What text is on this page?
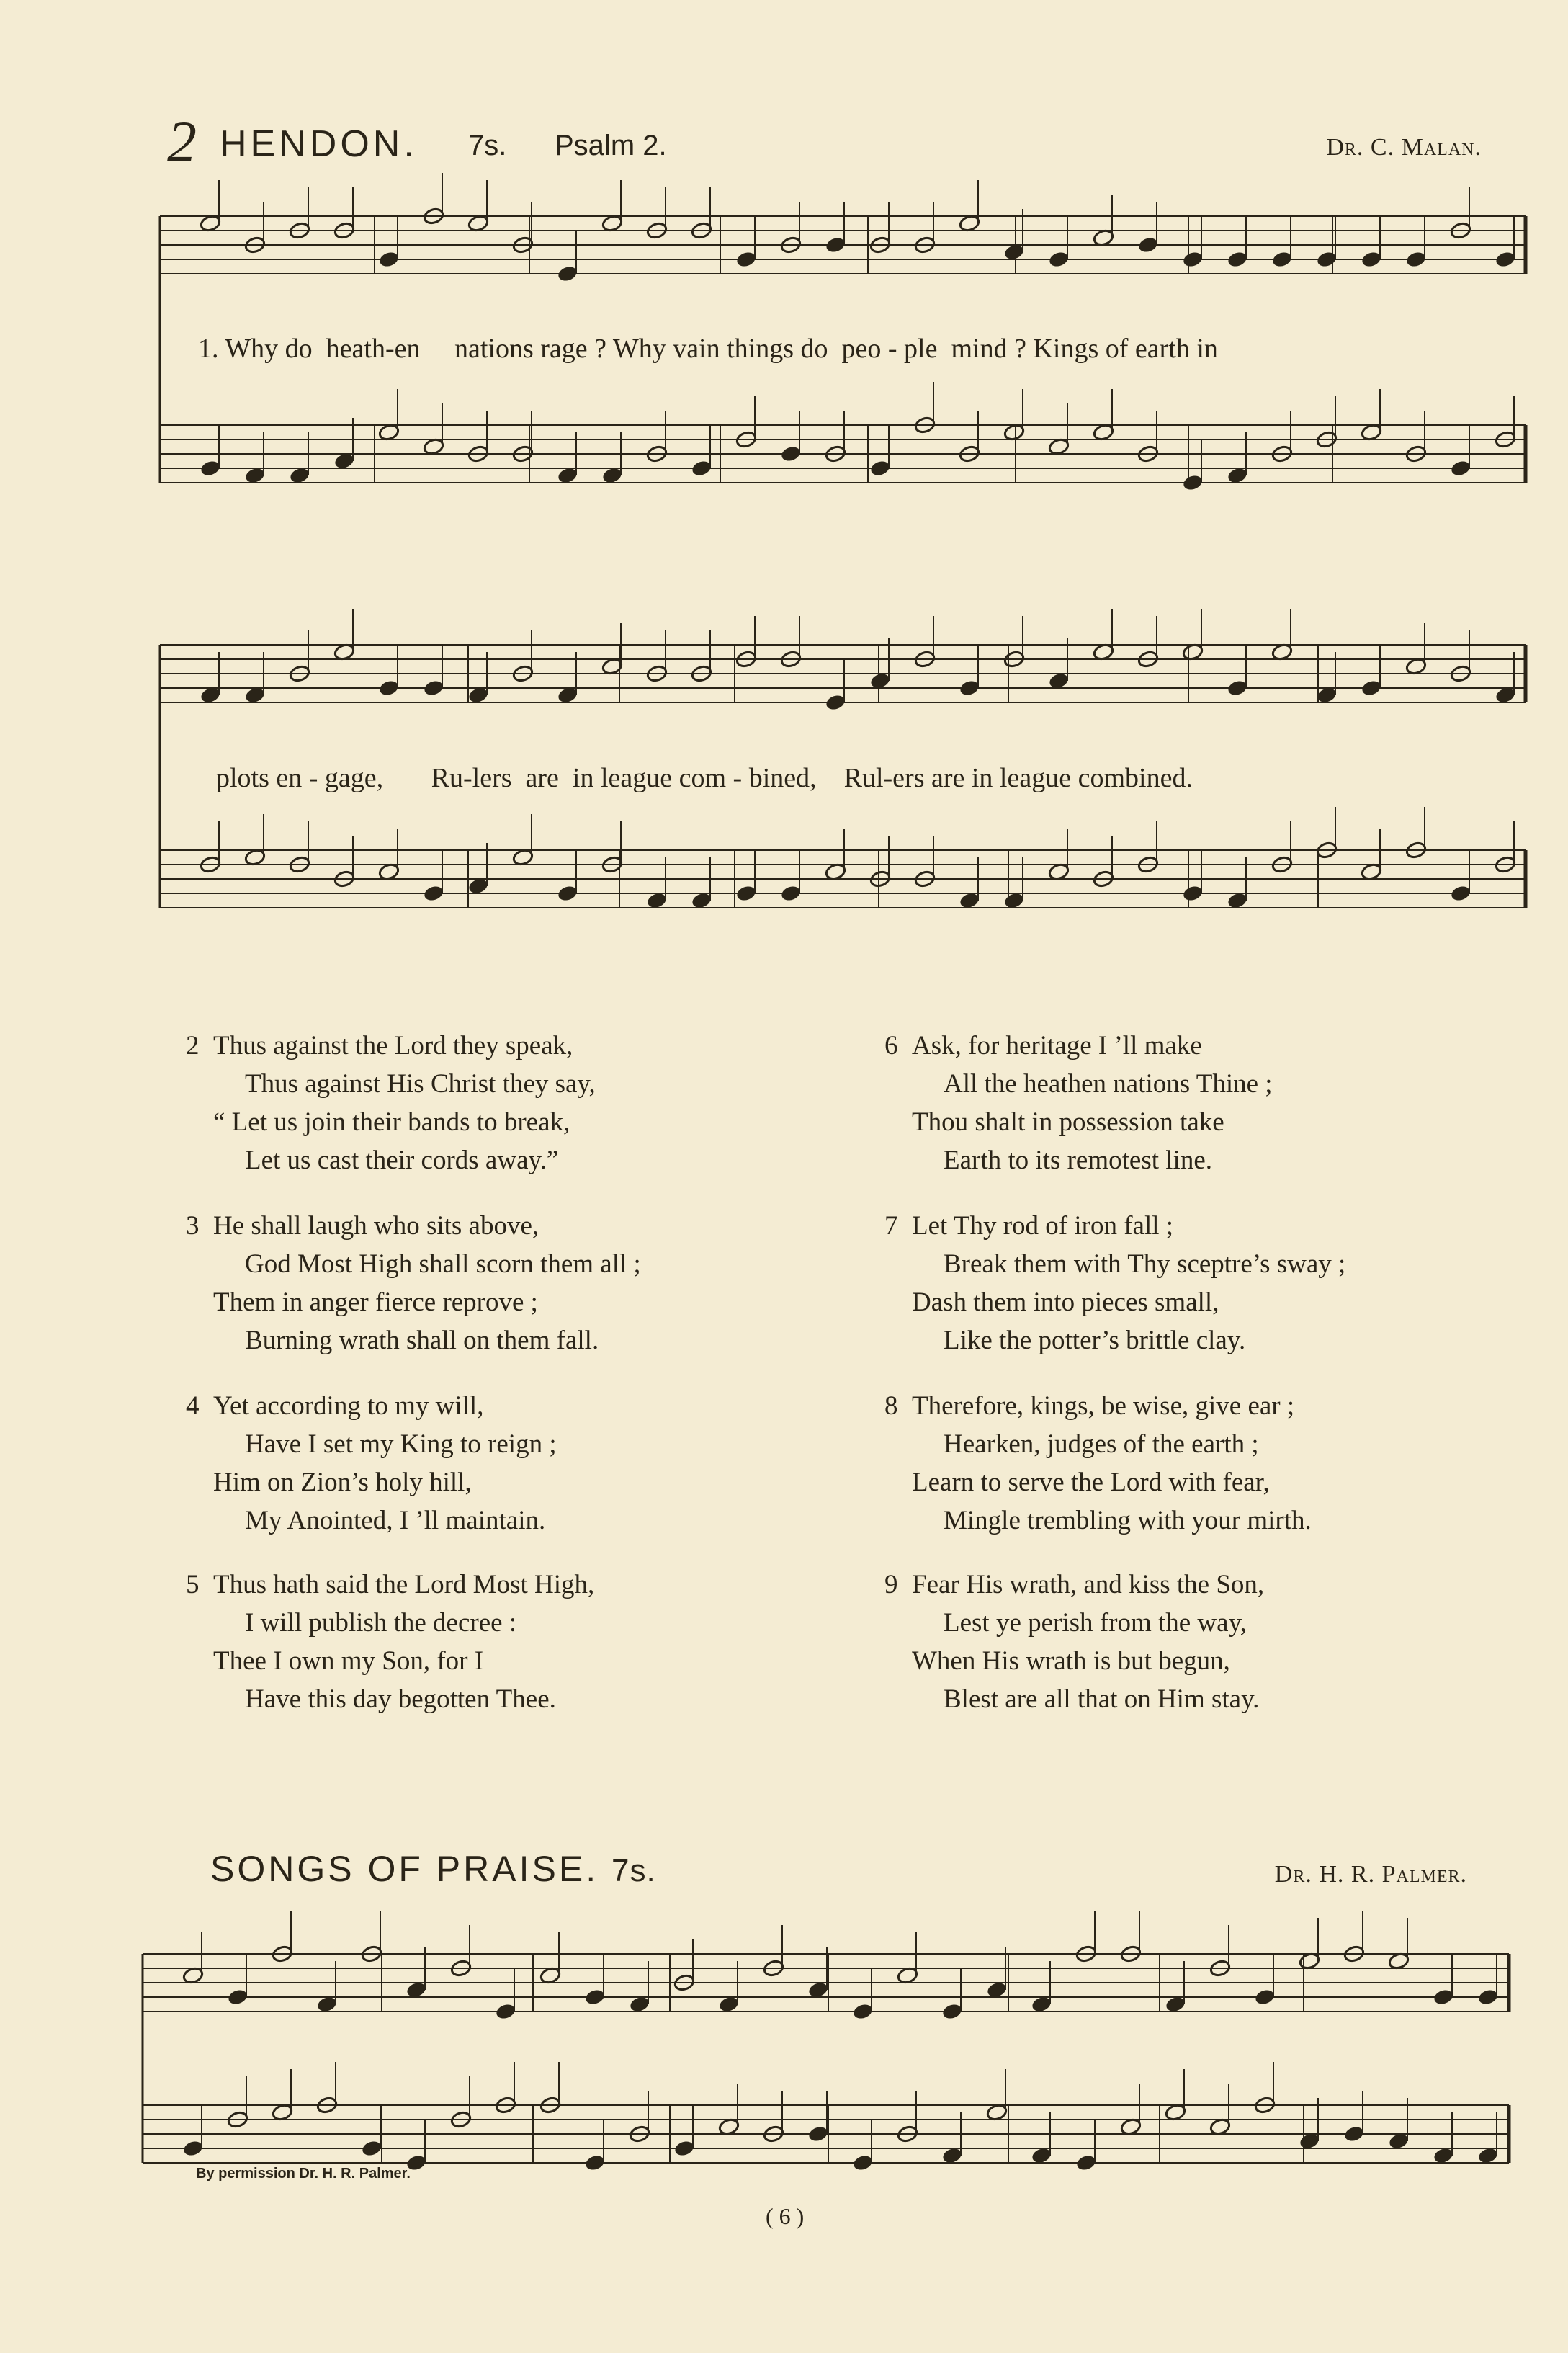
2 HENDON. 7s. Psalm 2.	Dr. C. Malan.
1. Why do  heath-en     nations rage ? Why vain things do  peo - ple  mind ? Kings of earth in
plots en - gage,       Ru-lers  are  in league com - bined,    Rul-ers are in league combined.
2 Thus against the Lord they speak,
Thus against His Christ they say,
“ Let us join their bands to break,
Let us cast their cords away.”
3 He shall laugh who sits above,
God Most High shall scorn them all ;
Them in anger fierce reprove ;
Burning wrath shall on them fall.
4 Yet according to my will,
Have I set my King to reign ;
Him on Zion’s holy hill,
My Anointed, I ’ll maintain.
5 Thus hath said the Lord Most High,
I will publish the decree :
Thee I own my Son, for I
Have this day begotten Thee.
6 Ask, for heritage I ’ll make
All the heathen nations Thine ;
Thou shalt in possession take
Earth to its remotest line.
7 Let Thy rod of iron fall ;
Break them with Thy sceptre’s sway ;
Dash them into pieces small,
Like the potter’s brittle clay.
8 Therefore, kings, be wise, give ear ;
Hearken, judges of the earth ;
Learn to serve the Lord with fear,
Mingle trembling with your mirth.
9 Fear His wrath, and kiss the Son,
Lest ye perish from the way,
When His wrath is but begun,
Blest are all that on Him stay.
SONGS OF PRAISE. 7s.	Dr. H. R. Palmer.
By permission Dr. H. R. Palmer.
( 6 )
